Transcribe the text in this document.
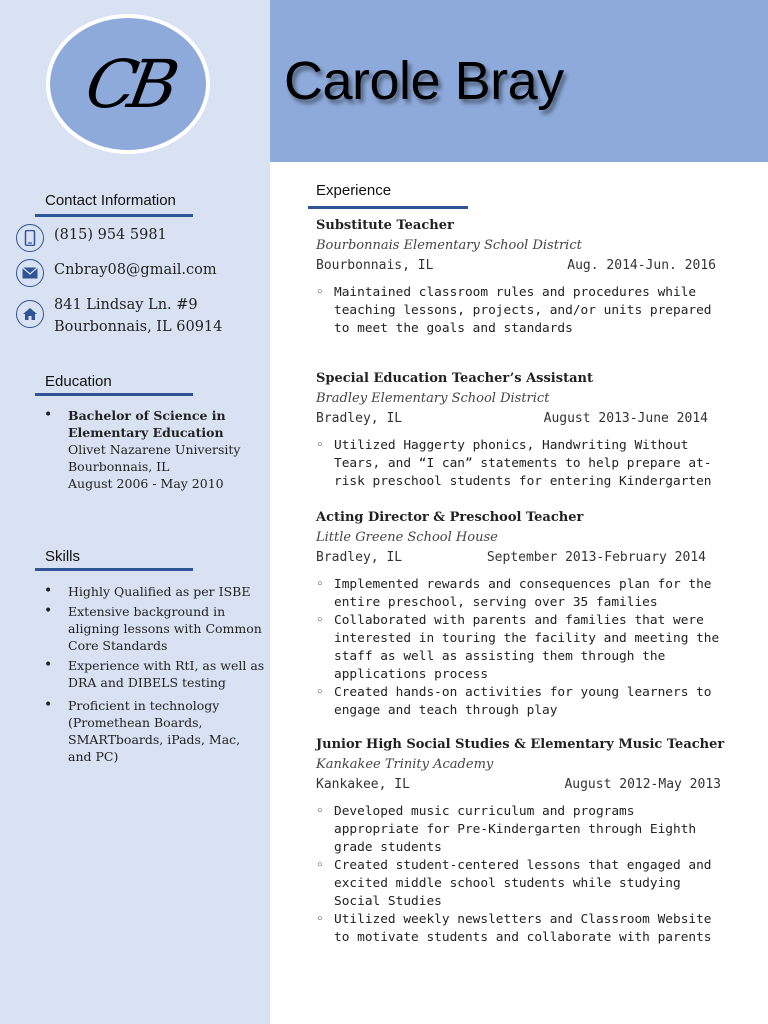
CB Carole Bray
Contact Information
(815) 954 5981
Cnbray08@gmail.com
841 Lindsay Ln. #9
Bourbonnais, IL 60914
Education
• Bachelor of Science in
Elementary Education
Olivet Nazarene University
Bourbonnais, IL
August 2006 - May 2010
Skills
• Highly Qualified as per ISBE
• Extensive background in aligning lessons with Common Core Standards
• Experience with RtI, as well as DRA and DIBELS testing
• Proficient in technology (Promethean Boards, SMARTboards, iPads, Mac, and PC)
Experience
Substitute Teacher
Bourbonnais Elementary School District
Bourbonnais, IL	Aug. 2014-Jun. 2016
◦ Maintained classroom rules and procedures while teaching lessons, projects, and/or units prepared to meet the goals and standards
Special Education Teacher’s Assistant
Bradley Elementary School District
Bradley, IL	August 2013-June 2014
◦ Utilized Haggerty phonics, Handwriting Without Tears, and “I can” statements to help prepare at-risk preschool students for entering Kindergarten
Acting Director & Preschool Teacher
Little Greene School House
Bradley, IL	September 2013-February 2014
◦ Implemented rewards and consequences plan for the entire preschool, serving over 35 families
◦ Collaborated with parents and families that were interested in touring the facility and meeting the staff as well as assisting them through the applications process
◦ Created hands-on activities for young learners to engage and teach through play
Junior High Social Studies & Elementary Music Teacher
Kankakee Trinity Academy
Kankakee, IL	August 2012-May 2013
◦ Developed music curriculum and programs appropriate for Pre-Kindergarten through Eighth grade students
◦ Created student-centered lessons that engaged and excited middle school students while studying Social Studies
◦ Utilized weekly newsletters and Classroom Website to motivate students and collaborate with parents
